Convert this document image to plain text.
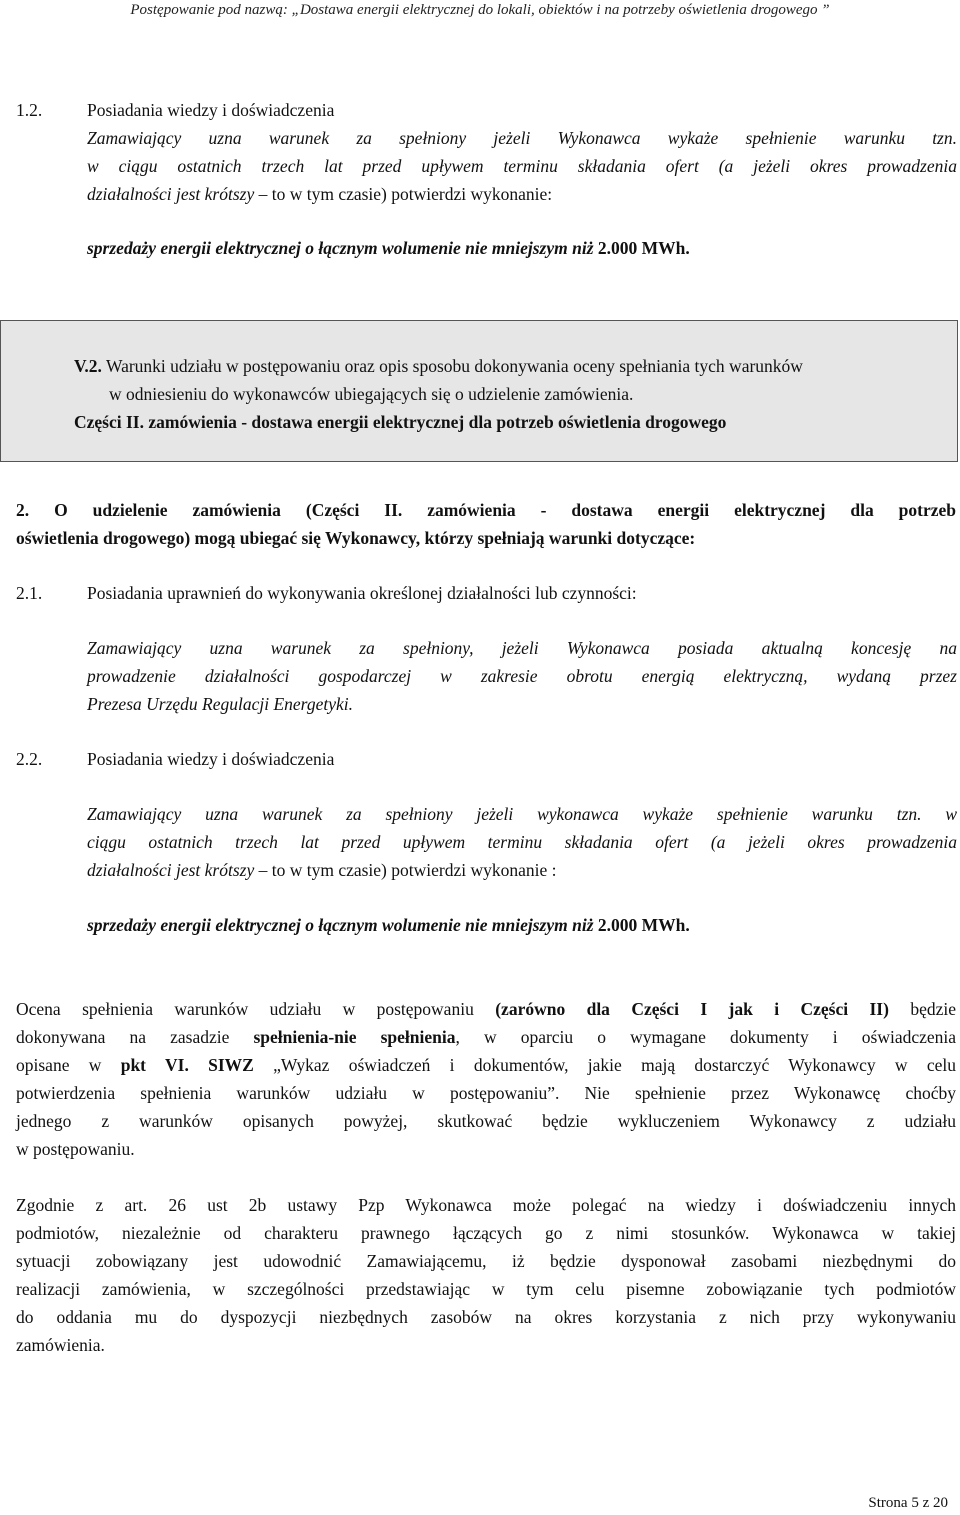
Postępowanie pod nazwą: „Dostawa energii elektrycznej do lokali, obiektów i na potrzeby oświetlenia drogowego ”
1.2.	Posiadania wiedzy i doświadczenia
Zamawiający uzna warunek za spełniony jeżeli Wykonawca wykaże spełnienie warunku tzn.
w ciągu ostatnich trzech lat przed upływem terminu składania ofert (a jeżeli okres prowadzenia
działalności jest krótszy – to w tym czasie) potwierdzi wykonanie:
sprzedaży energii elektrycznej o łącznym wolumenie nie mniejszym niż 2.000 MWh.
V.2. Warunki udziału w postępowaniu oraz opis sposobu dokonywania oceny spełniania tych warunków
w odniesieniu do wykonawców ubiegających się o udzielenie zamówienia.
Części II. zamówienia - dostawa energii elektrycznej dla potrzeb oświetlenia drogowego
2. O udzielenie zamówienia (Części II. zamówienia - dostawa energii elektrycznej dla potrzeb
oświetlenia drogowego) mogą ubiegać się Wykonawcy, którzy spełniają warunki dotyczące:
2.1.	Posiadania uprawnień do wykonywania określonej działalności lub czynności:
Zamawiający uzna warunek za spełniony, jeżeli Wykonawca posiada aktualną koncesję na
prowadzenie działalności gospodarczej w zakresie obrotu energią elektryczną, wydaną przez
Prezesa Urzędu Regulacji Energetyki.
2.2.	Posiadania wiedzy i doświadczenia
Zamawiający uzna warunek za spełniony jeżeli wykonawca wykaże spełnienie warunku tzn. w
ciągu ostatnich trzech lat przed upływem terminu składania ofert (a jeżeli okres prowadzenia
działalności jest krótszy – to w tym czasie) potwierdzi wykonanie :
sprzedaży energii elektrycznej o łącznym wolumenie nie mniejszym niż 2.000 MWh.
Ocena spełnienia warunków udziału w postępowaniu (zarówno dla Części I jak i Części II) będzie
dokonywana na zasadzie spełnienia-nie spełnienia, w oparciu o wymagane dokumenty i oświadczenia
opisane w pkt VI. SIWZ „Wykaz oświadczeń i dokumentów, jakie mają dostarczyć Wykonawcy w celu
potwierdzenia spełnienia warunków udziału w postępowaniu”. Nie spełnienie przez Wykonawcę choćby
jednego z warunków opisanych powyżej, skutkować będzie wykluczeniem Wykonawcy z udziału
w postępowaniu.
Zgodnie z art. 26 ust 2b ustawy Pzp Wykonawca może polegać na wiedzy i doświadczeniu innych
podmiotów, niezależnie od charakteru prawnego łączących go z nimi stosunków. Wykonawca w takiej
sytuacji zobowiązany jest udowodnić Zamawiającemu, iż będzie dysponował zasobami niezbędnymi do
realizacji zamówienia, w szczególności przedstawiając w tym celu pisemne zobowiązanie tych podmiotów
do oddania mu do dyspozycji niezbędnych zasobów na okres korzystania z nich przy wykonywaniu
zamówienia.
Strona 5 z 20
